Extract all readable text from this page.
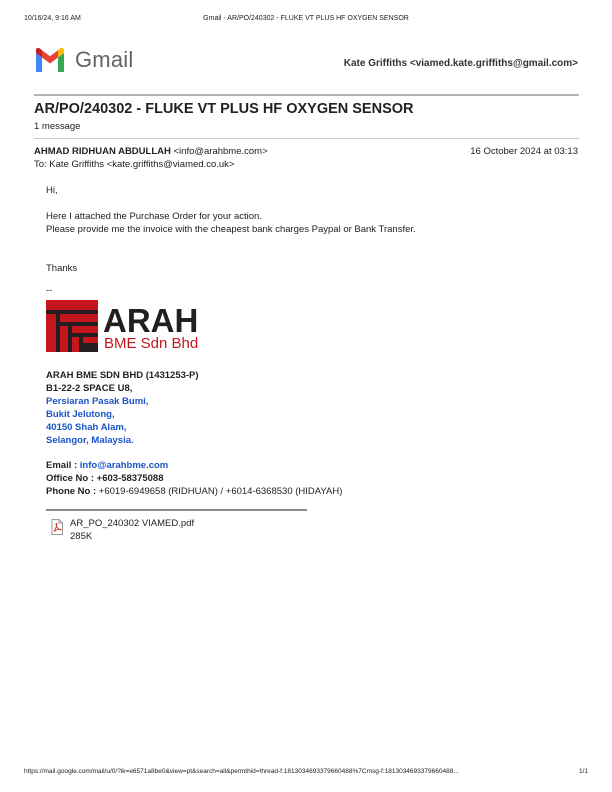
10/16/24, 9:16 AM	Gmail - AR/PO/240302 - FLUKE VT PLUS HF OXYGEN SENSOR
Gmail	Kate Griffiths <viamed.kate.griffiths@gmail.com>
AR/PO/240302 - FLUKE VT PLUS HF OXYGEN SENSOR
1 message
AHMAD RIDHUAN ABDULLAH <info@arahbme.com>	16 October 2024 at 03:13
To: Kate Griffiths <kate.griffiths@viamed.co.uk>
Hi,
Here I attached the Purchase Order for your action.
Please provide me the invoice with the cheapest bank charges Paypal or Bank Transfer.
Thanks
--
ARAH
BME Sdn Bhd
ARAH BME SDN BHD (1431253-P)
B1-22-2 SPACE U8,
Persiaran Pasak Bumi,
Bukit Jelutong,
40150 Shah Alam,
Selangor, Malaysia.
Email : info@arahbme.com
Office No : +603-58375088
Phone No : +6019-6949658 (RIDHUAN) / +6014-6368530 (HIDAYAH)
AR_PO_240302 VIAMED.pdf
285K
https://mail.google.com/mail/u/0/?ik=e6571a8be0&view=pt&search=all&permthid=thread-f:1813034693379660488%7Cmsg-f:1813034693379660488...	1/1
